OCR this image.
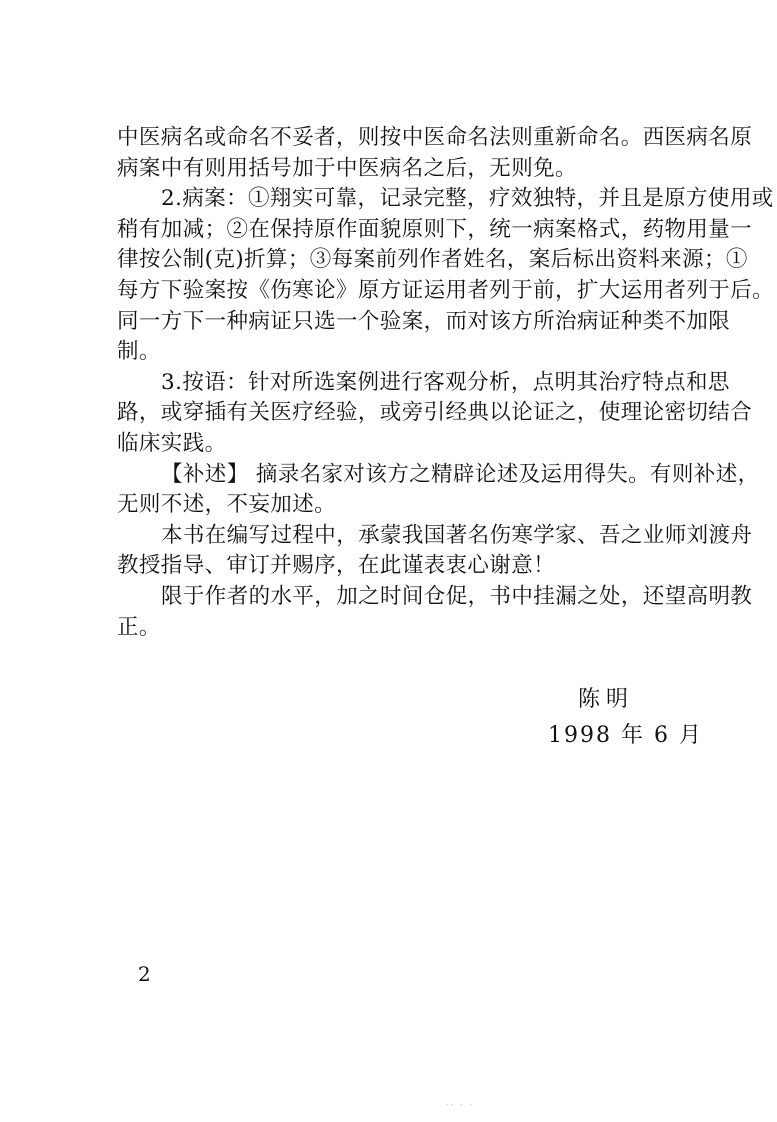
中医病名或命名不妥者，则按中医命名法则重新命名。西医病名原
病案中有则用括号加于中医病名之后，无则免。
2.病案：①翔实可靠，记录完整，疗效独特，并且是原方使用或
稍有加减；②在保持原作面貌原则下，统一病案格式，药物用量一
律按公制(克)折算；③每案前列作者姓名，案后标出资料来源；①
每方下验案按《伤寒论》原方证运用者列于前，扩大运用者列于后。
同一方下一种病证只选一个验案，而对该方所治病证种类不加限
制。
3.按语：针对所选案例进行客观分析，点明其治疗特点和思
路，或穿插有关医疗经验，或旁引经典以论证之，使理论密切结合
临床实践。
【补述】 摘录名家对该方之精辟论述及运用得失。有则补述，
无则不述，不妄加述。
本书在编写过程中，承蒙我国著名伤寒学家、吾之业师刘渡舟
教授指导、审订并赐序，在此谨表衷心谢意！
限于作者的水平，加之时间仓促，书中挂漏之处，还望高明教
正。
陈明
1998 年 6 月
2
-- - -
